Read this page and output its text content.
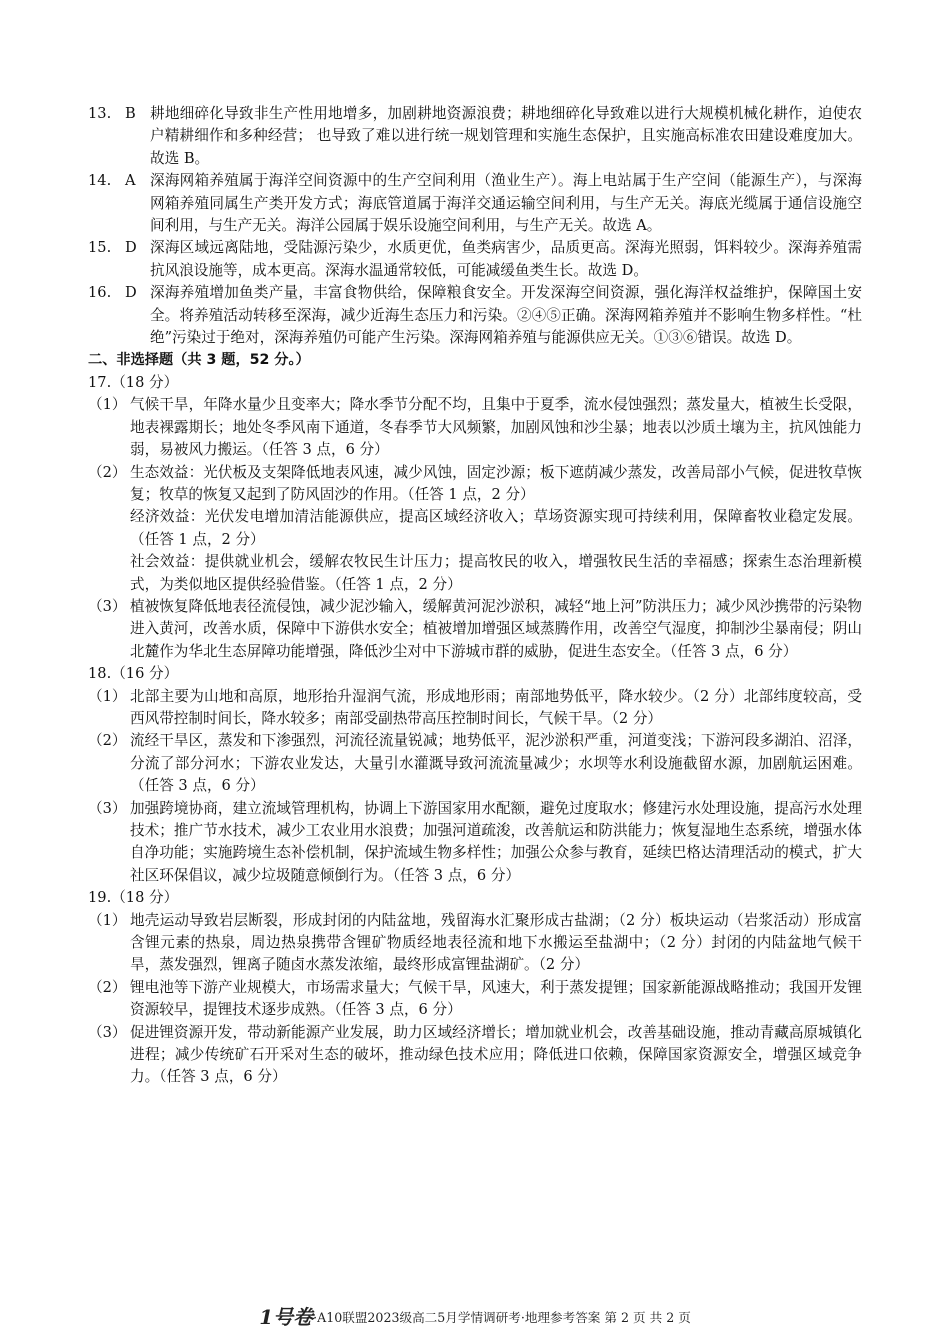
13. B 耕地细碎化导致非生产性用地增多，加剧耕地资源浪费；耕地细碎化导致难以进行大规模机械化耕作，迫使农户精耕细作和多种经营； 也导致了难以进行统一规划管理和实施生态保护，且实施高标准农田建设难度加大。故选 B。
14. A 深海网箱养殖属于海洋空间资源中的生产空间利用（渔业生产）。海上电站属于生产空间（能源生产），与深海网箱养殖同属生产类开发方式；海底管道属于海洋交通运输空间利用，与生产无关。海底光缆属于通信设施空间利用，与生产无关。海洋公园属于娱乐设施空间利用，与生产无关。故选 A。
15. D 深海区域远离陆地，受陆源污染少，水质更优，鱼类病害少，品质更高。深海光照弱，饵料较少。深海养殖需抗风浪设施等，成本更高。深海水温通常较低，可能减缓鱼类生长。故选 D。
16. D 深海养殖增加鱼类产量，丰富食物供给，保障粮食安全。开发深海空间资源，强化海洋权益维护，保障国土安全。将养殖活动转移至深海，减少近海生态压力和污染。②④⑤正确。深海网箱养殖并不影响生物多样性。“杜绝”污染过于绝对，深海养殖仍可能产生污染。深海网箱养殖与能源供应无关。①③⑥错误。故选 D。
二、非选择题（共 3 题，52 分。）
17.（18 分）
（1） 气候干旱，年降水量少且变率大；降水季节分配不均，且集中于夏季，流水侵蚀强烈；蒸发量大，植被生长受限，地表裸露期长；地处冬季风南下通道，冬春季节大风频繁，加剧风蚀和沙尘暴；地表以沙质土壤为主，抗风蚀能力弱，易被风力搬运。（任答 3 点，6 分）

（2） 生态效益：光伏板及支架降低地表风速，减少风蚀，固定沙源；板下遮荫减少蒸发，改善局部小气候，促进牧草恢复；牧草的恢复又起到了防风固沙的作用。（任答 1 点，2 分）

经济效益：光伏发电增加清洁能源供应，提高区域经济收入；草场资源实现可持续利用，保障畜牧业稳定发展。（任答 1 点，2 分）

社会效益：提供就业机会，缓解农牧民生计压力；提高牧民的收入，增强牧民生活的幸福感；探索生态治理新模式，为类似地区提供经验借鉴。（任答 1 点，2 分）

（3） 植被恢复降低地表径流侵蚀，减少泥沙输入，缓解黄河泥沙淤积，减轻“地上河”防洪压力；减少风沙携带的污染物进入黄河，改善水质，保障中下游供水安全；植被增加增强区域蒸腾作用，改善空气湿度，抑制沙尘暴南侵；阴山北麓作为华北生态屏障功能增强，降低沙尘对中下游城市群的威胁，促进生态安全。（任答 3 点，6 分）

18.（16 分）
（1） 北部主要为山地和高原，地形抬升湿润气流，形成地形雨；南部地势低平，降水较少。（2 分）北部纬度较高，受西风带控制时间长，降水较多；南部受副热带高压控制时间长，气候干旱。（2 分）

（2） 流经干旱区，蒸发和下渗强烈，河流径流量锐减；地势低平，泥沙淤积严重，河道变浅；下游河段多湖泊、沼泽，分流了部分河水；下游农业发达，大量引水灌溉导致河流流量减少；水坝等水利设施截留水源，加剧航运困难。（任答 3 点，6 分）

（3） 加强跨境协商，建立流域管理机构，协调上下游国家用水配额，避免过度取水；修建污水处理设施，提高污水处理技术；推广节水技术，减少工农业用水浪费；加强河道疏浚，改善航运和防洪能力；恢复湿地生态系统，增强水体自净功能；实施跨境生态补偿机制，保护流域生物多样性；加强公众参与教育，延续巴格达清理活动的模式，扩大社区环保倡议，减少垃圾随意倾倒行为。（任答 3 点，6 分）

19.（18 分）
（1） 地壳运动导致岩层断裂，形成封闭的内陆盆地，残留海水汇聚形成古盐湖；（2 分）板块运动（岩浆活动）形成富含锂元素的热泉，周边热泉携带含锂矿物质经地表径流和地下水搬运至盐湖中；（2 分）封闭的内陆盆地气候干旱，蒸发强烈，锂离子随卤水蒸发浓缩，最终形成富锂盐湖矿。（2 分）

（2） 锂电池等下游产业规模大，市场需求量大；气候干旱，风速大，利于蒸发提锂；国家新能源战略推动；我国开发锂资源较早，提锂技术逐步成熟。（任答 3 点，6 分）

（3） 促进锂资源开发，带动新能源产业发展，助力区域经济增长；增加就业机会，改善基础设施，推动青藏高原城镇化进程；减少传统矿石开采对生态的破坏，推动绿色技术应用；降低进口依赖，保障国家资源安全，增强区域竞争力。（任答 3 点，6 分）

1号卷·A10联盟2023级高二5月学情调研考·地理参考答案 第 2 页 共 2 页
